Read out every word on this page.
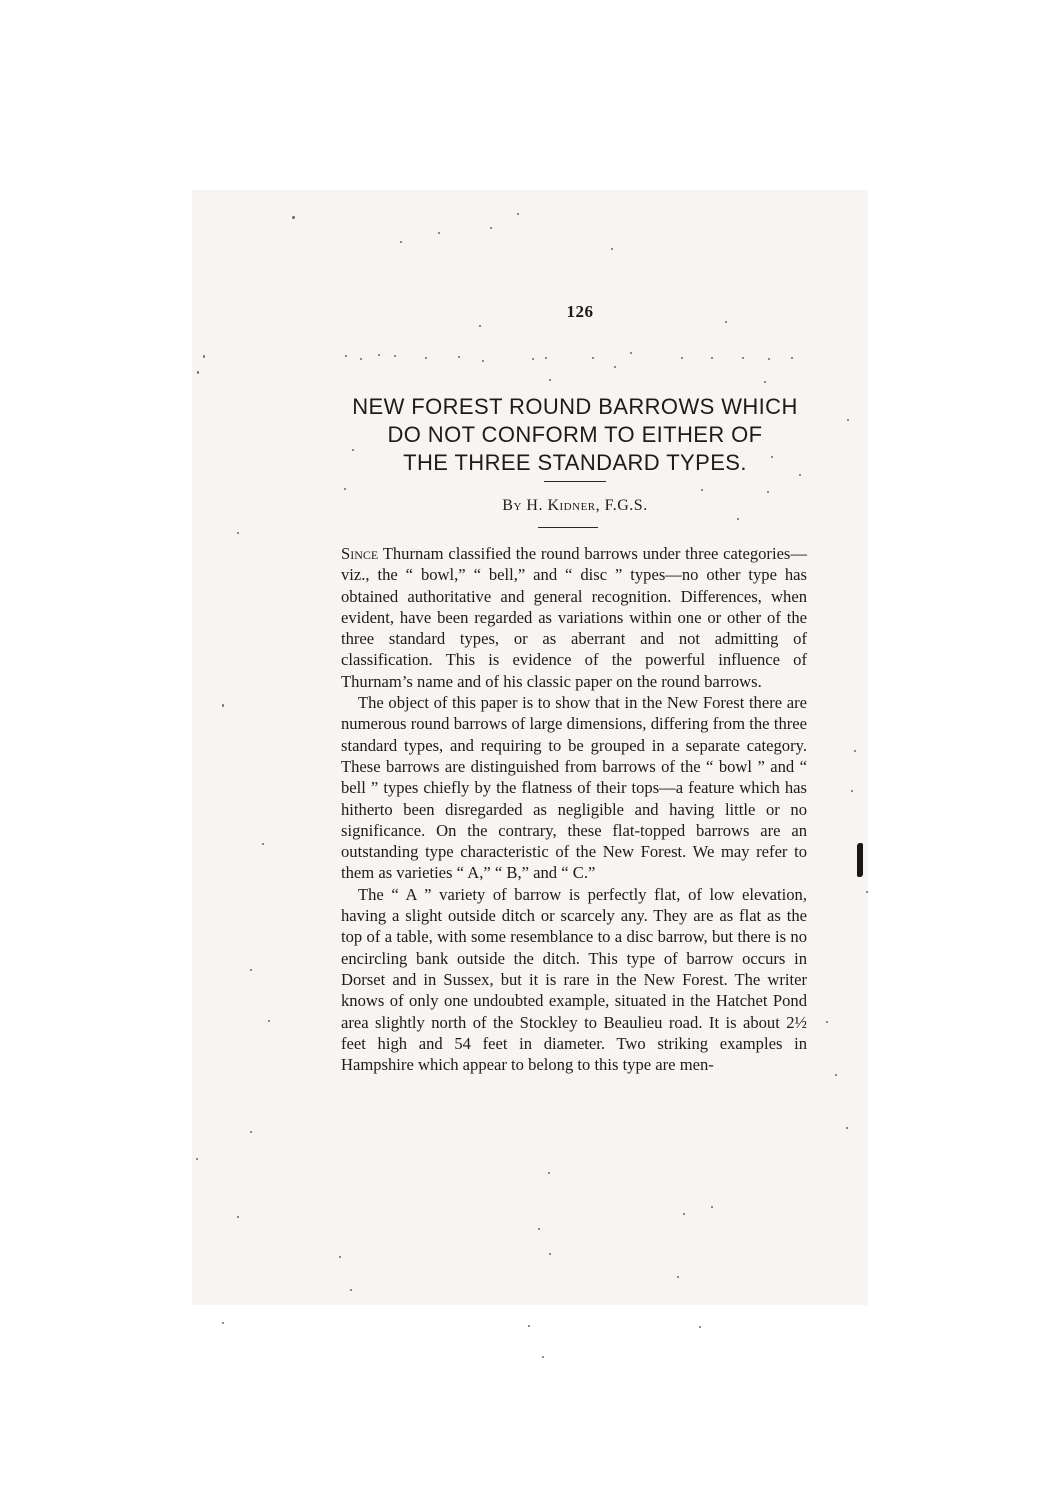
126
NEW FOREST ROUND BARROWS WHICH
DO NOT CONFORM TO EITHER OF
THE THREE STANDARD TYPES.
By H. Kidner, F.G.S.

Since Thurnam classified the round barrows under three categories—viz., the “ bowl,” “ bell,” and “ disc ” types—no other type has obtained authoritative and general recognition. Differences, when evident, have been regarded as variations within one or other of the three standard types, or as aberrant and not admitting of classification. This is evidence of the powerful influence of Thurnam’s name and of his classic paper on the round barrows.

The object of this paper is to show that in the New Forest there are numerous round barrows of large dimensions, differing from the three standard types, and requiring to be grouped in a separate category. These barrows are distinguished from barrows of the “ bowl ” and “ bell ” types chiefly by the flatness of their tops—a feature which has hitherto been disregarded as negligible and having little or no significance. On the contrary, these flat-topped barrows are an outstanding type characteristic of the New Forest. We may refer to them as varieties “ A,” “ B,” and “ C.”

The “ A ” variety of barrow is perfectly flat, of low elevation, having a slight outside ditch or scarcely any. They are as flat as the top of a table, with some resemblance to a disc barrow, but there is no encircling bank outside the ditch. This type of barrow occurs in Dorset and in Sussex, but it is rare in the New Forest. The writer knows of only one undoubted example, situated in the Hatchet Pond area slightly north of the Stockley to Beaulieu road. It is about 2½ feet high and 54 feet in diameter. Two striking examples in Hampshire which appear to belong to this type are men-
